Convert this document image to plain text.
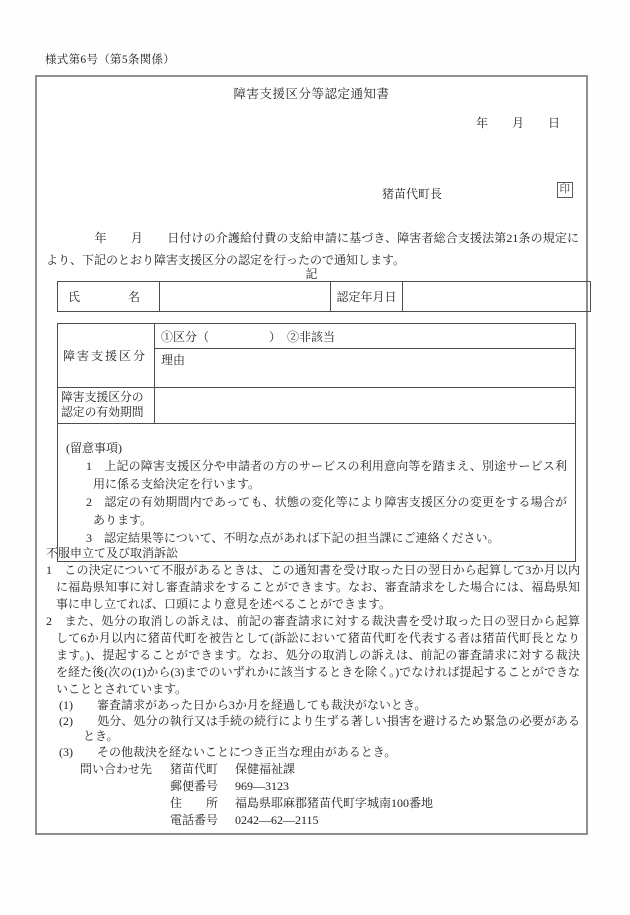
様式第6号（第5条関係）
障害支援区分等認定通知書
年　　月　　日
猪苗代町長	印
　　　　年　　月　　日付けの介護給付費の支給申請に基づき、障害者総合支援法第21条の規定により、下記のとおり障害支援区分の認定を行ったので通知します。
記
氏　　　　名		認定年月日	
障害支援区分	①区分（　　　　　）　②非該当
	理由
障害支援区分の認定の有効期間	

(留意事項)
1　上記の障害支援区分や申請者の方のサービスの利用意向等を踏まえ、別途サービス利用に係る支給決定を行います。
2　認定の有効期間内であっても、状態の変化等により障害支援区分の変更をする場合があります。
3　認定結果等について、不明な点があれば下記の担当課にご連絡ください。	
不服申立て及び取消訴訟
1　この決定について不服があるときは、この通知書を受け取った日の翌日から起算して3か月以内に福島県知事に対し審査請求をすることができます。なお、審査請求をした場合には、福島県知事に申し立てれば、口頭により意見を述べることができます。
2　また、処分の取消しの訴えは、前記の審査請求に対する裁決書を受け取った日の翌日から起算して6か月以内に猪苗代町を被告として(訴訟において猪苗代町を代表する者は猪苗代町長となります。)、提起することができます。なお、処分の取消しの訴えは、前記の審査請求に対する裁決を経た後(次の(1)から(3)までのいずれかに該当するときを除く。)でなければ提起することができないこととされています。
(1)　　審査請求があった日から3か月を経過しても裁決がないとき。
(2)　　処分、処分の執行又は手続の続行により生ずる著しい損害を避けるため緊急の必要があるとき。
(3)　　その他裁決を経ないことにつき正当な理由があるとき。
問い合わせ先	猪苗代町	保健福祉課
郵便番号	969—3123
住　　所	福島県耶麻郡猪苗代町字城南100番地
電話番号	0242—62—2115
